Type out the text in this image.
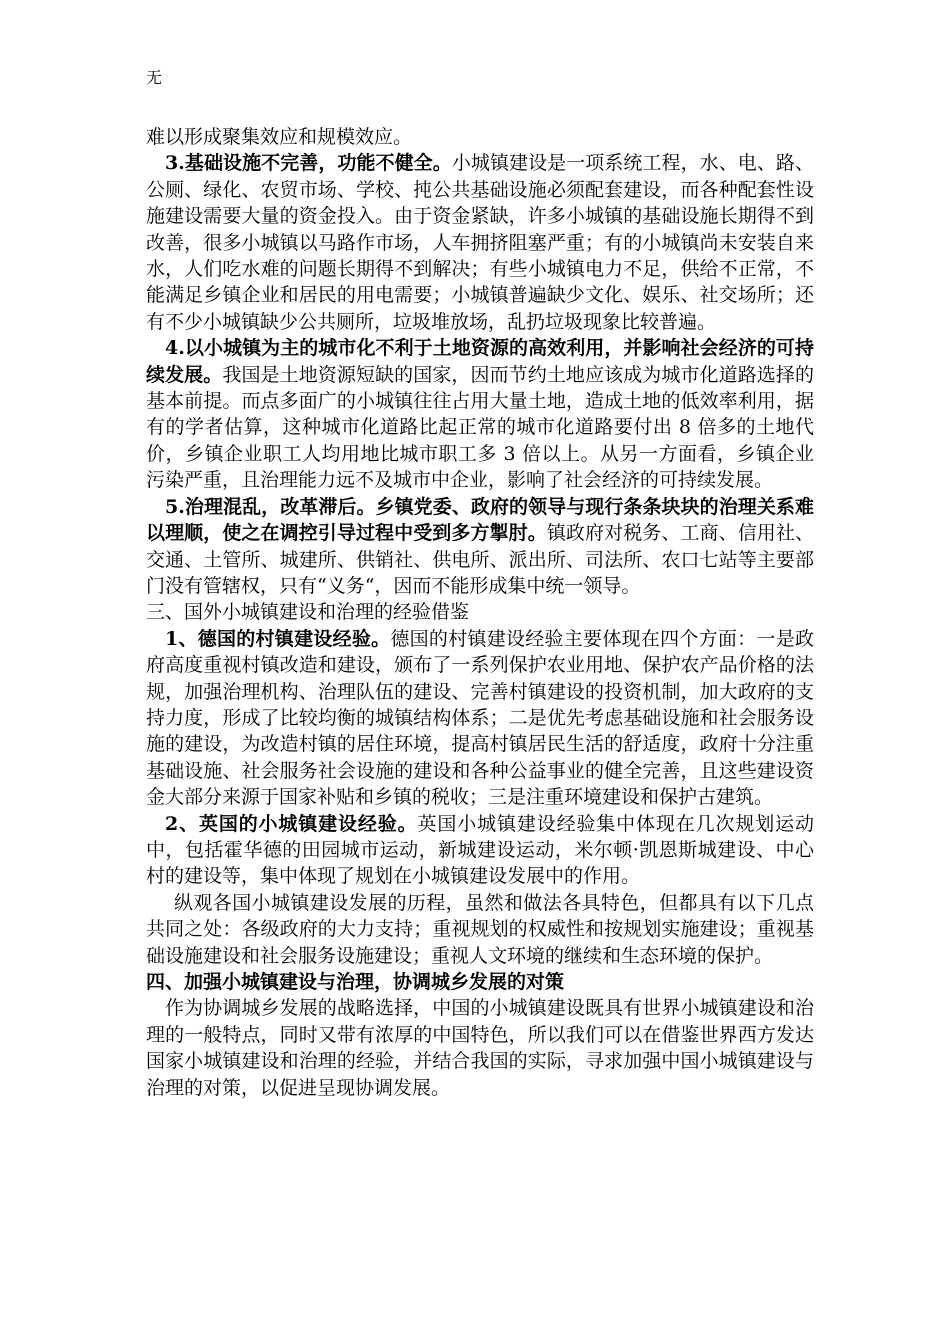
无

难以形成聚集效应和规模效应。

3.基础设施不完善，功能不健全。小城镇建设是一项系统工程，水、电、路、公厕、绿化、农贸市场、学校、扽公共基础设施必须配套建设，而各种配套性设施建设需要大量的资金投入。由于资金紧缺，许多小城镇的基础设施长期得不到改善，很多小城镇以马路作市场，人车拥挤阻塞严重；有的小城镇尚未安装自来水，人们吃水难的问题长期得不到解决；有些小城镇电力不足，供给不正常，不能满足乡镇企业和居民的用电需要；小城镇普遍缺少文化、娱乐、社交场所；还有不少小城镇缺少公共厕所，垃圾堆放场，乱扔垃圾现象比较普遍。

4.以小城镇为主的城市化不利于土地资源的高效利用，并影响社会经济的可持续发展。我国是土地资源短缺的国家，因而节约土地应该成为城市化道路选择的基本前提。而点多面广的小城镇往往占用大量土地，造成土地的低效率利用，据有的学者估算，这种城市化道路比起正常的城市化道路要付出 8 倍多的土地代价，乡镇企业职工人均用地比城市职工多 3 倍以上。从另一方面看，乡镇企业污染严重，且治理能力远不及城市中企业，影响了社会经济的可持续发展。

5.治理混乱，改革滞后。乡镇党委、政府的领导与现行条条块块的治理关系难以理顺，使之在调控引导过程中受到多方掣肘。镇政府对税务、工商、信用社、交通、土管所、城建所、供销社、供电所、派出所、司法所、农口七站等主要部门没有管辖权，只有“义务“，因而不能形成集中统一领导。

三、国外小城镇建设和治理的经验借鉴

1、德国的村镇建设经验。德国的村镇建设经验主要体现在四个方面：一是政府高度重视村镇改造和建设，颁布了一系列保护农业用地、保护农产品价格的法规，加强治理机构、治理队伍的建设、完善村镇建设的投资机制，加大政府的支持力度，形成了比较均衡的城镇结构体系；二是优先考虑基础设施和社会服务设施的建设，为改造村镇的居住环境，提高村镇居民生活的舒适度，政府十分注重基础设施、社会服务社会设施的建设和各种公益事业的健全完善，且这些建设资金大部分来源于国家补贴和乡镇的税收；三是注重环境建设和保护古建筑。

2、英国的小城镇建设经验。英国小城镇建设经验集中体现在几次规划运动中，包括霍华德的田园城市运动，新城建设运动，米尔顿·凯恩斯城建设、中心村的建设等，集中体现了规划在小城镇建设发展中的作用。

纵观各国小城镇建设发展的历程，虽然和做法各具特色，但都具有以下几点共同之处：各级政府的大力支持；重视规划的权威性和按规划实施建设；重视基础设施建设和社会服务设施建设；重视人文环境的继续和生态环境的保护。

四、加强小城镇建设与治理，协调城乡发展的对策

作为协调城乡发展的战略选择，中国的小城镇建设既具有世界小城镇建设和治理的一般特点，同时又带有浓厚的中国特色，所以我们可以在借鉴世界西方发达国家小城镇建设和治理的经验，并结合我国的实际，寻求加强中国小城镇建设与治理的对策，以促进呈现协调发展。
